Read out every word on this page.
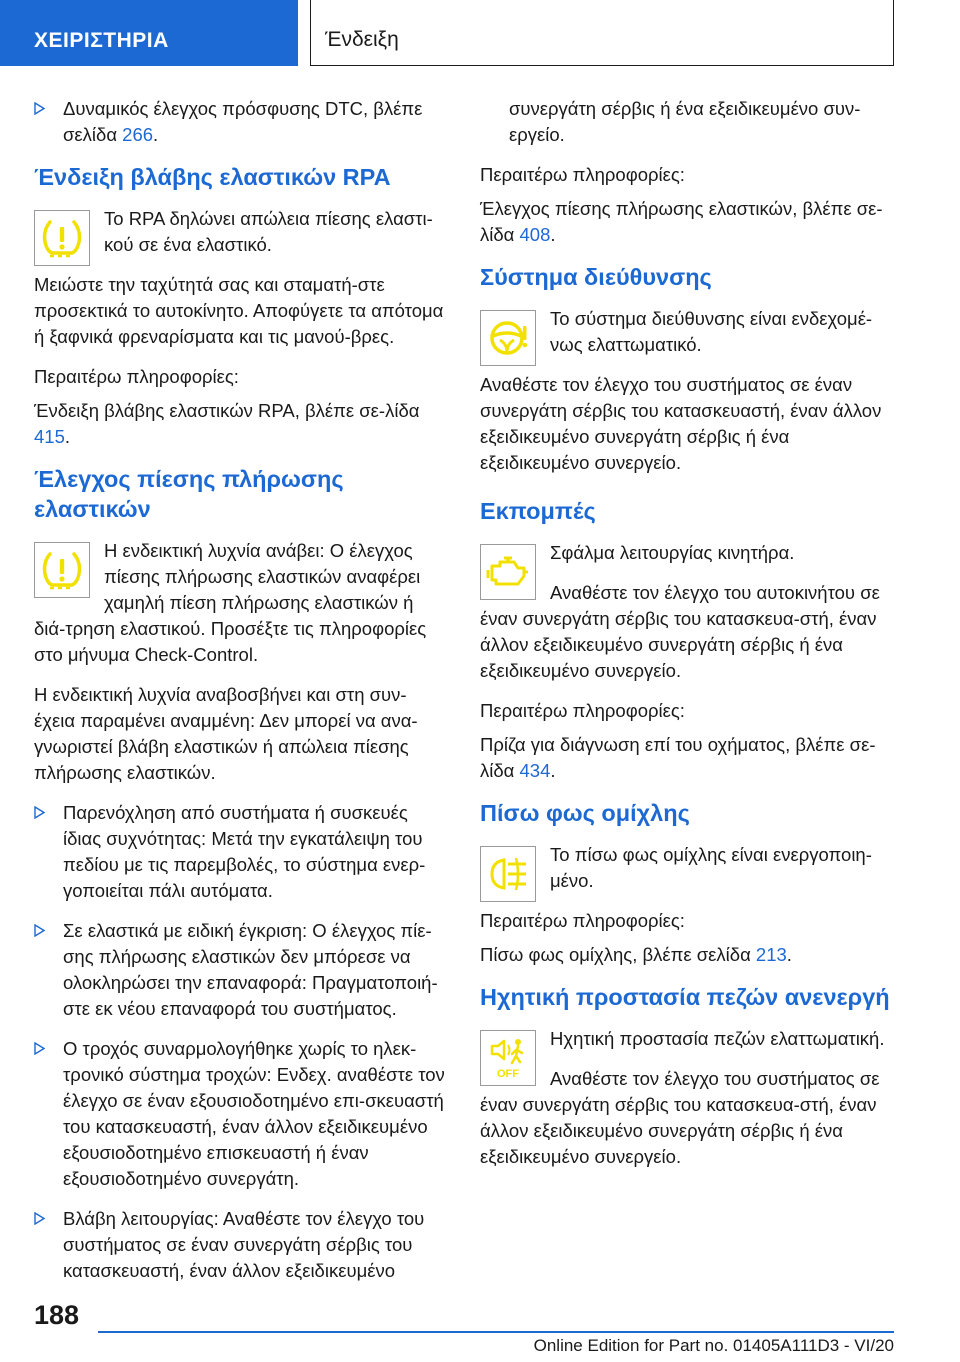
ΧΕΙΡΙΣΤΗΡΙΑ	Ένδειξη

Δυναμικός έλεγχος πρόσφυσης DTC, βλέπε
σελίδα 266.

Ένδειξη βλάβης ελαστικών RPA

Το RPA δηλώνει απώλεια πίεσης ελαστι-κού σε ένα ελαστικό.

Μειώστε την ταχύτητά σας και σταματή-στε προσεκτικά το αυτοκίνητο. Αποφύγετε τα απότομα ή ξαφνικά φρεναρίσματα και τις μανού-βρες.

Περαιτέρω πληροφορίες:

Ένδειξη βλάβης ελαστικών RPA, βλέπε σε-λίδα 415.

Έλεγχος πίεσης πλήρωσης ελαστικών

Η ενδεικτική λυχνία ανάβει: Ο έλεγχος πίεσης πλήρωσης ελαστικών αναφέρει χαμηλή πίεση πλήρωσης ελαστικών ή διά-τρηση ελαστικού. Προσέξτε τις πληροφορίες στο μήνυμα Check-Control.

Η ενδεικτική λυχνία αναβοσβήνει και στη συν-έχεια παραμένει αναμμένη: Δεν μπορεί να ανα-γνωριστεί βλάβη ελαστικών ή απώλεια πίεσης πλήρωσης ελαστικών.

Παρενόχληση από συστήματα ή συσκευές ίδιας συχνότητας: Μετά την εγκατάλειψη του πεδίου με τις παρεμβολές, το σύστημα ενερ-γοποιείται πάλι αυτόματα.

Σε ελαστικά με ειδική έγκριση: Ο έλεγχος πίε-σης πλήρωσης ελαστικών δεν μπόρεσε να ολοκληρώσει την επαναφορά: Πραγματοποιή-στε εκ νέου επαναφορά του συστήματος.

Ο τροχός συναρμολογήθηκε χωρίς το ηλεκ-τρονικό σύστημα τροχών: Ενδεχ. αναθέστε τον έλεγχο σε έναν εξουσιοδοτημένο επι-σκευαστή του κατασκευαστή, έναν άλλον εξειδικευμένο εξουσιοδοτημένο επισκευαστή ή έναν εξουσιοδοτημένο συνεργάτη.

Βλάβη λειτουργίας: Αναθέστε τον έλεγχο του συστήματος σε έναν συνεργάτη σέρβις του κατασκευαστή, έναν άλλον εξειδικευμένο

συνεργάτη σέρβις ή ένα εξειδικευμένο συν-εργείο.

Περαιτέρω πληροφορίες:

Έλεγχος πίεσης πλήρωσης ελαστικών, βλέπε σε-λίδα 408.

Σύστημα διεύθυνσης

Το σύστημα διεύθυνσης είναι ενδεχομέ-νως ελαττωματικό.

Αναθέστε τον έλεγχο του συστήματος σε έναν συνεργάτη σέρβις του κατασκευαστή, έναν άλλον εξειδικευμένο συνεργάτη σέρβις ή ένα εξειδικευμένο συνεργείο.

Εκπομπές

Σφάλμα λειτουργίας κινητήρα.

Αναθέστε τον έλεγχο του αυτοκινήτου σε έναν συνεργάτη σέρβις του κατασκευα-στή, έναν άλλον εξειδικευμένο συνεργάτη σέρβις ή ένα εξειδικευμένο συνεργείο.

Περαιτέρω πληροφορίες:

Πρίζα για διάγνωση επί του οχήματος, βλέπε σε-λίδα 434.

Πίσω φως ομίχλης

Το πίσω φως ομίχλης είναι ενεργοποιη-μένο.

Περαιτέρω πληροφορίες:

Πίσω φως ομίχλης, βλέπε σελίδα 213.

Ηχητική προστασία πεζών ανενεργή
OFF

Ηχητική προστασία πεζών ελαττωματική.

Αναθέστε τον έλεγχο του συστήματος σε έναν συνεργάτη σέρβις του κατασκευα-στή, έναν άλλον εξειδικευμένο συνεργάτη σέρβις ή ένα εξειδικευμένο συνεργείο.

188
Online Edition for Part no. 01405A111D3 - VI/20
